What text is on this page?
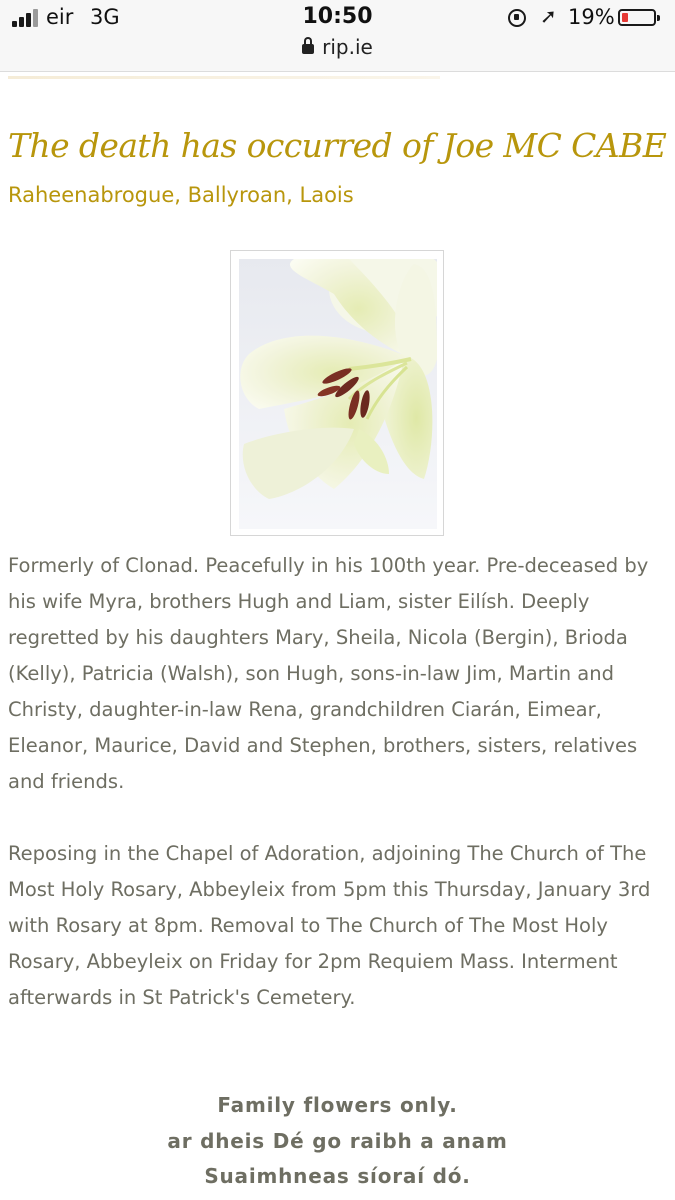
eir 3G	10:50
rip.ie
➚ 19%
The death has occurred of Joe MC CABE
Raheenabrogue, Ballyroan, Laois

Formerly of Clonad. Peacefully in his 100th year. Pre-deceased by his wife Myra, brothers Hugh and Liam, sister Eilísh. Deeply regretted by his daughters Mary, Sheila, Nicola (Bergin), Brioda (Kelly), Patricia (Walsh), son Hugh, sons-in-law Jim, Martin and Christy, daughter-in-law Rena, grandchildren Ciarán, Eimear, Eleanor, Maurice, David and Stephen, brothers, sisters, relatives and friends.

Reposing in the Chapel of Adoration, adjoining The Church of The Most Holy Rosary, Abbeyleix from 5pm this Thursday, January 3rd with Rosary at 8pm. Removal to The Church of The Most Holy Rosary, Abbeyleix on Friday for 2pm Requiem Mass. Interment afterwards in St Patrick's Cemetery.

Family flowers only.
ar dheis Dé go raibh a anam
Suaimhneas síoraí dó.
